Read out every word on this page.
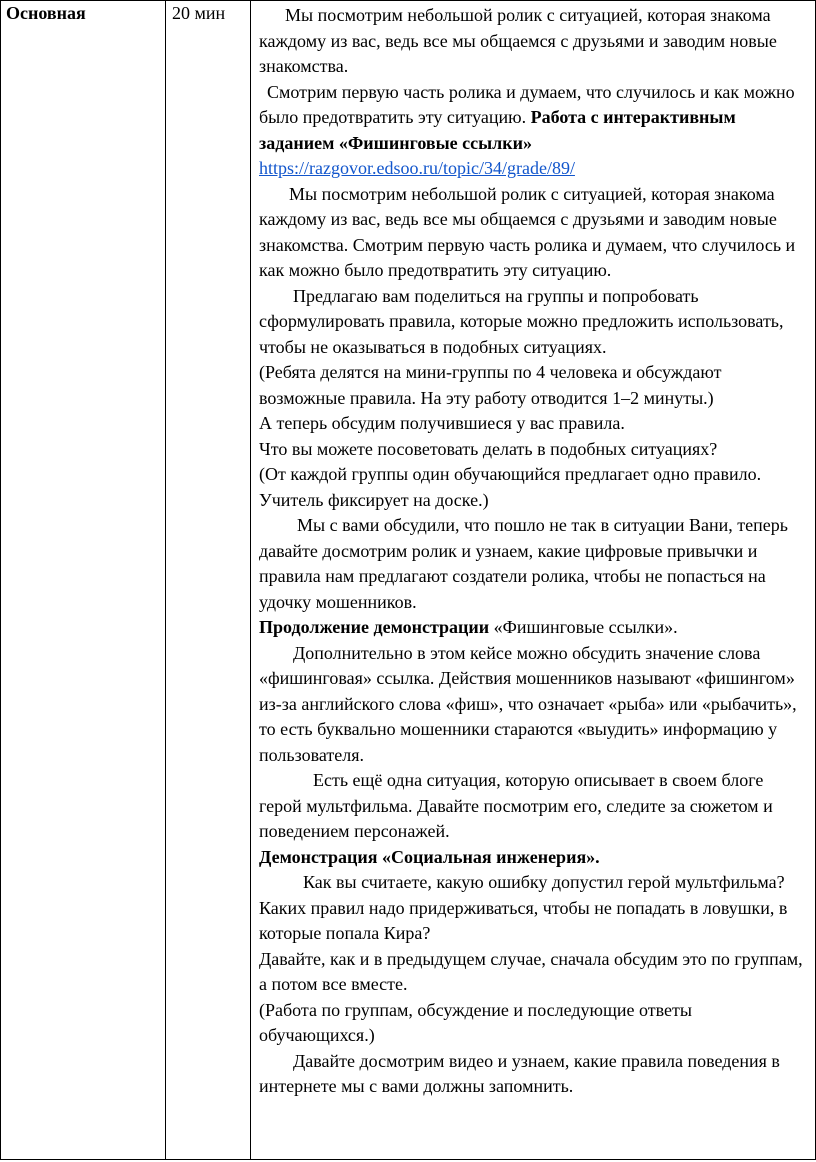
Основная	20 мин	Мы посмотрим небольшой ролик с ситуацией, которая знакома каждому из вас, ведь все мы общаемся с друзьями и заводим новые знакомства.

Смотрим первую часть ролика и думаем, что случилось и как можно было предотвратить эту ситуацию. Работа с интерактивным заданием «Фишинговые ссылки»

https://razgovor.edsoo.ru/topic/34/grade/89/

Мы посмотрим небольшой ролик с ситуацией, которая знакома каждому из вас, ведь все мы общаемся с друзьями и заводим новые знакомства. Смотрим первую часть ролика и думаем, что случилось и как можно было предотвратить эту ситуацию.

Предлагаю вам поделиться на группы и попробовать сформулировать правила, которые можно предложить использовать, чтобы не оказываться в подобных ситуациях.

(Ребята делятся на мини-группы по 4 человека и обсуждают возможные правила. На эту работу отводится 1–2 минуты.)

А теперь обсудим получившиеся у вас правила.

Что вы можете посоветовать делать в подобных ситуациях?

(От каждой группы один обучающийся предлагает одно правило. Учитель фиксирует на доске.)

Мы с вами обсудили, что пошло не так в ситуации Вани, теперь давайте досмотрим ролик и узнаем, какие цифровые привычки и правила нам предлагают создатели ролика, чтобы не попасться на удочку мошенников.

Продолжение демонстрации «Фишинговые ссылки».

Дополнительно в этом кейсе можно обсудить значение слова «фишинговая» ссылка. Действия мошенников называют «фишингом» из-за английского слова «фиш», что означает «рыба» или «рыбачить», то есть буквально мошенники стараются «выудить» информацию у пользователя.

Есть ещё одна ситуация, которую описывает в своем блоге герой мультфильма. Давайте посмотрим его, следите за сюжетом и поведением персонажей.

Демонстрация «Социальная инженерия».

Как вы считаете, какую ошибку допустил герой мультфильма?

Каких правил надо придерживаться, чтобы не попадать в ловушки, в которые попала Кира?

Давайте, как и в предыдущем случае, сначала обсудим это по группам, а потом все вместе.

(Работа по группам, обсуждение и последующие ответы обучающихся.)

Давайте досмотрим видео и узнаем, какие правила поведения в интернете мы с вами должны запомнить.
